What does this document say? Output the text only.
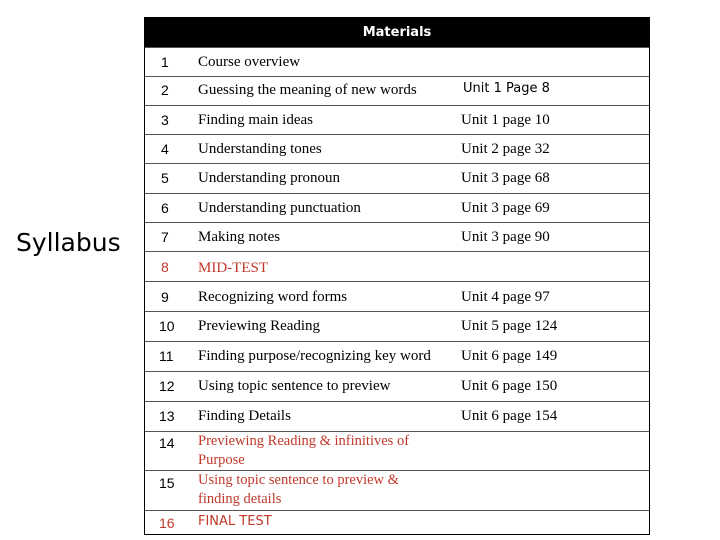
Syllabus
Materials
1 Course overview
2 Guessing the meaning of new words	Unit 1 Page 8
3 Finding main ideas	Unit 1 page 10
4 Understanding tones	Unit 2 page 32
5 Understanding pronoun	Unit 3 page 68
6 Understanding punctuation	Unit 3 page 69
7 Making notes	Unit 3 page 90
8 MID-TEST
9 Recognizing word forms	Unit 4 page 97
10 Previewing Reading	Unit 5 page 124
11 Finding purpose/recognizing key word Unit 6 page 149
12 Using topic sentence to preview	Unit 6 page 150
13 Finding Details	Unit 6 page 154
14 Previewing Reading & infinitives of Purpose
15 Using topic sentence to preview & finding details
16 FINAL TEST
